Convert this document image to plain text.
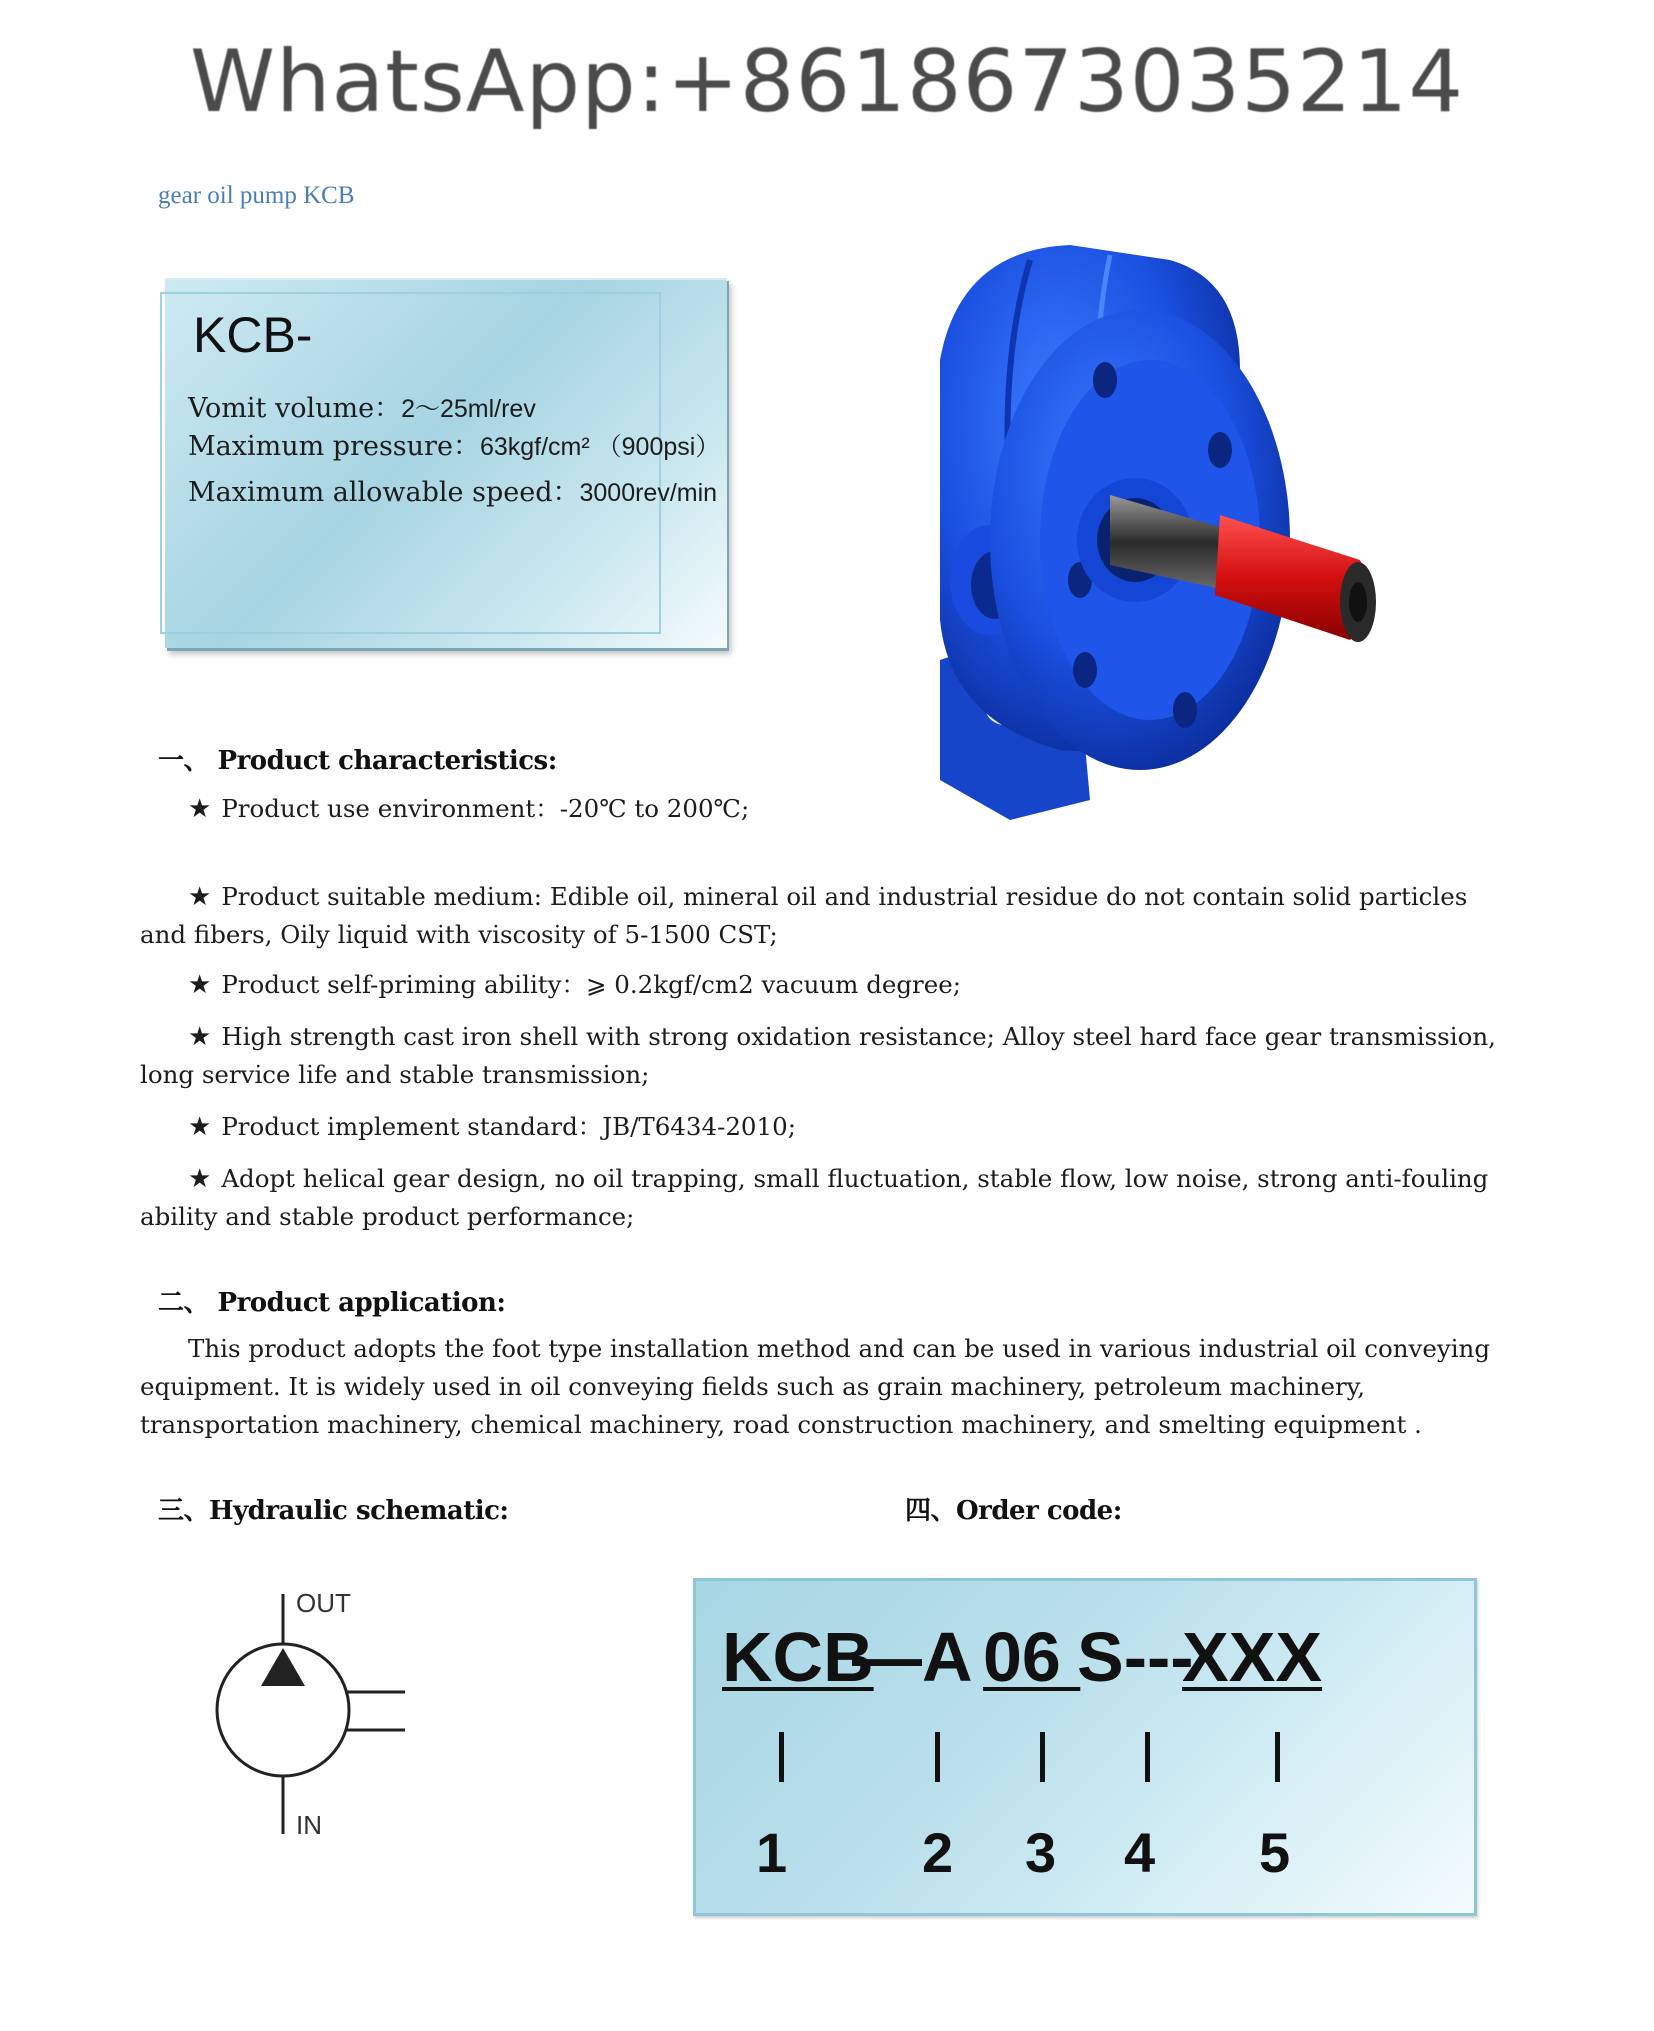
WhatsApp:+8618673035214
gear oil pump KCB
KCB-
Vomit volume：2～25ml/rev
Maximum pressure：63kgf/cm² （900psi）
Maximum allowable speed：3000rev/min
一、 Product characteristics:
★ Product use environment：-20℃ to 200℃;
★ Product suitable medium: Edible oil, mineral oil and industrial residue do not contain solid particles and fibers, Oily liquid with viscosity of 5-1500 CST;
★ Product self-priming ability：⩾ 0.2kgf/cm2 vacuum degree;
★ High strength cast iron shell with strong oxidation resistance; Alloy steel hard face gear transmission, long service life and stable transmission;
★ Product implement standard：JB/T6434-2010;
★ Adopt helical gear design, no oil trapping, small fluctuation, stable flow, low noise, strong anti-fouling ability and stable product performance;
二、 Product application:
This product adopts the foot type installation method and can be used in various industrial oil conveying equipment. It is widely used in oil conveying fields such as grain machinery, petroleum machinery, transportation machinery, chemical machinery, road construction machinery, and smelting equipment .
三、Hydraulic schematic:	四、Order code:
OUT
IN
KCB
—A
06
S---
XXX
1 2 3 4 5
